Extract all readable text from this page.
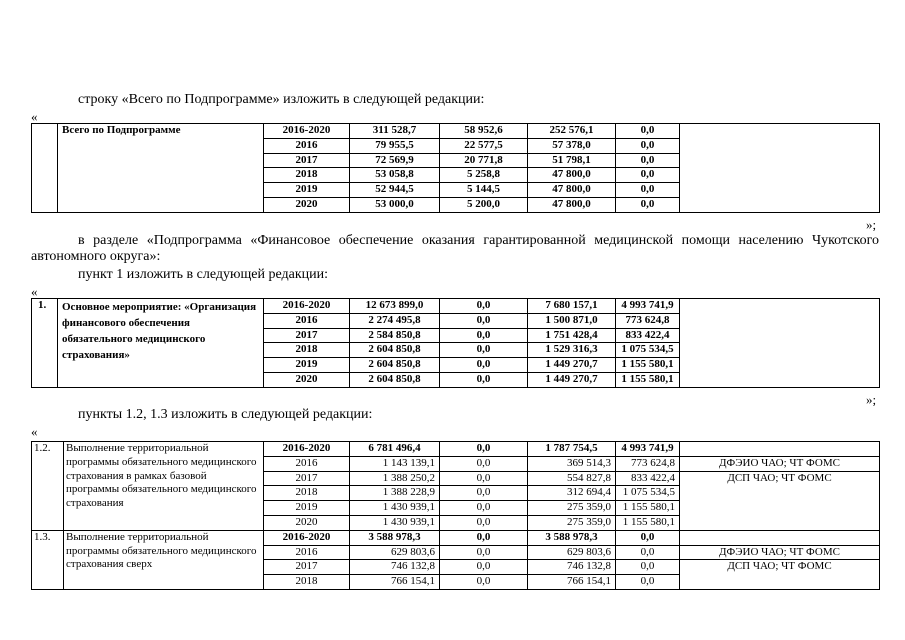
строку «Всего по Подпрограмме» изложить в следующей редакции:
«
	Всего по Подпрограмме	2016-2020	311 528,7	58 952,6	252 576,1	0,0	
		2016	79 955,5	22 577,5	57 378,0	0,0	
		2017	72 569,9	20 771,8	51 798,1	0,0	
		2018	53 058,8	5 258,8	47 800,0	0,0	
		2019	52 944,5	5 144,5	47 800,0	0,0	
		2020	53 000,0	5 200,0	47 800,0	0,0	
»;
в разделе «Подпрограмма «Финансовое обеспечение оказания гарантированной медицинской помощи населению Чукотского автономного округа»:
пункт 1 изложить в следующей редакции:
«
1.	Основное мероприятие: «Организация финансового обеспечения обязательного медицинского страхования»	2016-2020	12 673 899,0	0,0	7 680 157,1	4 993 741,9	
		2016	2 274 495,8	0,0	1 500 871,0	773 624,8	
		2017	2 584 850,8	0,0	1 751 428,4	833 422,4	
		2018	2 604 850,8	0,0	1 529 316,3	1 075 534,5	
		2019	2 604 850,8	0,0	1 449 270,7	1 155 580,1	
		2020	2 604 850,8	0,0	1 449 270,7	1 155 580,1	
»;
пункты 1.2, 1.3 изложить в следующей редакции:
«
1.2.	Выполнение территориальной программы обязательного медицинского страхования в рамках базовой программы обязательного медицинского страхования	2016-2020	6 781 496,4	0,0	1 787 754,5	4 993 741,9	
		2016	1 143 139,1	0,0	369 514,3	773 624,8	ДФЭИО ЧАО; ЧТ ФОМС
		2017	1 388 250,2	0,0	554 827,8	833 422,4	ДСП ЧАО; ЧТ ФОМС
		2018	1 388 228,9	0,0	312 694,4	1 075 534,5	
		2019	1 430 939,1	0,0	275 359,0	1 155 580,1	
		2020	1 430 939,1	0,0	275 359,0	1 155 580,1	
1.3.	Выполнение территориальной программы обязательного медицинского страхования сверх	2016-2020	3 588 978,3	0,0	3 588 978,3	0,0	
		2016	629 803,6	0,0	629 803,6	0,0	ДФЭИО ЧАО; ЧТ ФОМС
		2017	746 132,8	0,0	746 132,8	0,0	ДСП ЧАО; ЧТ ФОМС
		2018	766 154,1	0,0	766 154,1	0,0	
